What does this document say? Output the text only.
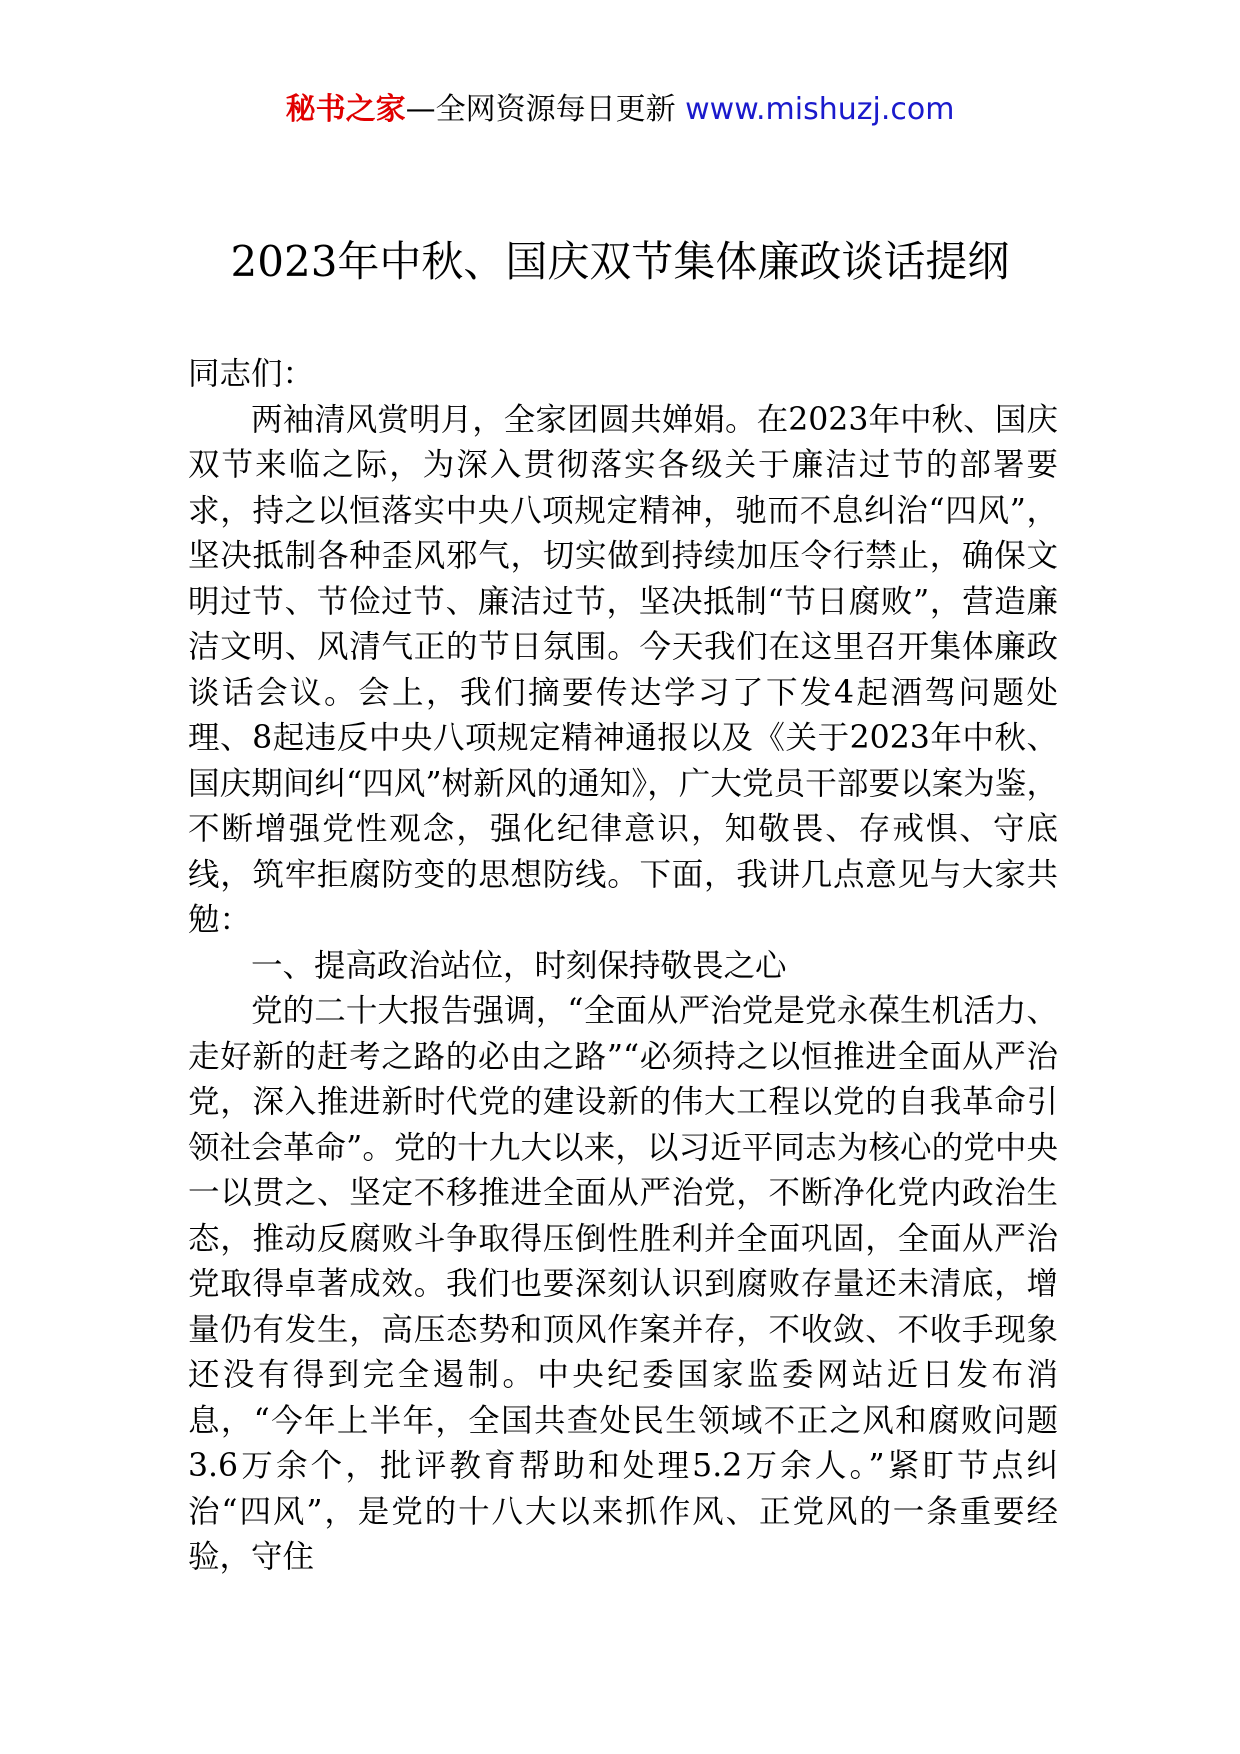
秘书之家—全网资源每日更新 www.mishuzj.com
2023年中秋、国庆双节集体廉政谈话提纲

同志们：

两袖清风赏明月，全家团圆共婵娟。在2023年中秋、国庆双节来临之际，为深入贯彻落实各级关于廉洁过节的部署要求，持之以恒落实中央八项规定精神，驰而不息纠治“四风”，坚决抵制各种歪风邪气，切实做到持续加压令行禁止，确保文明过节、节俭过节、廉洁过节，坚决抵制“节日腐败”，营造廉洁文明、风清气正的节日氛围。今天我们在这里召开集体廉政谈话会议。会上，我们摘要传达学习了下发4起酒驾问题处理、8起违反中央八项规定精神通报以及《关于2023年中秋、国庆期间纠“四风”树新风的通知》，广大党员干部要以案为鉴，不断增强党性观念，强化纪律意识，知敬畏、存戒惧、守底线，筑牢拒腐防变的思想防线。下面，我讲几点意见与大家共勉：

一、提高政治站位，时刻保持敬畏之心

党的二十大报告强调，“全面从严治党是党永葆生机活力、走好新的赶考之路的必由之路”“必须持之以恒推进全面从严治党，深入推进新时代党的建设新的伟大工程以党的自我革命引领社会革命”。党的十九大以来，以习近平同志为核心的党中央一以贯之、坚定不移推进全面从严治党，不断净化党内政治生态，推动反腐败斗争取得压倒性胜利并全面巩固，全面从严治党取得卓著成效。我们也要深刻认识到腐败存量还未清底，增量仍有发生，高压态势和顶风作案并存，不收敛、不收手现象还没有得到完全遏制。中央纪委国家监委网站近日发布消息，“今年上半年，全国共查处民生领域不正之风和腐败问题3.6万余个，批评教育帮助和处理5.2万余人。”紧盯节点纠治“四风”，是党的十八大以来抓作风、正党风的一条重要经验，守住
